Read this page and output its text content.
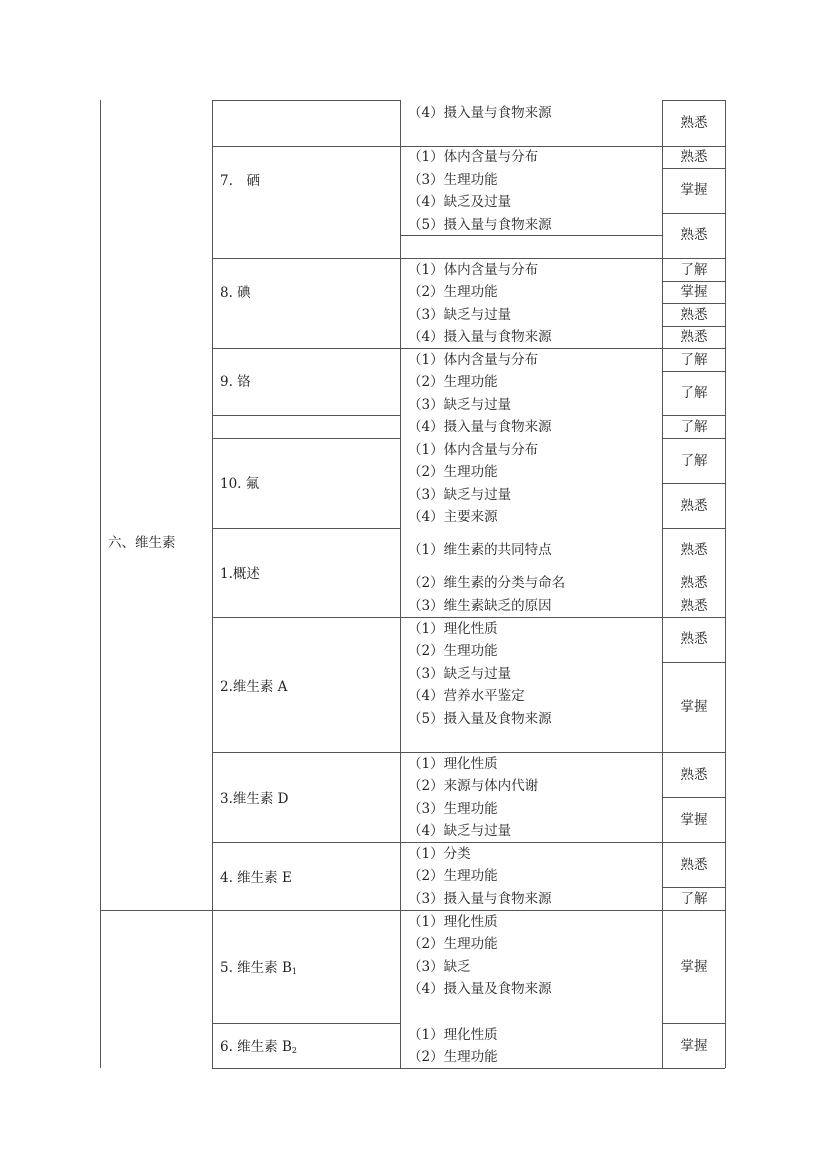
六、维生素
7.　硒
8. 碘
9. 铬
10. 氟
1.概述
2.维生素 A
3.维生素 D
4. 维生素 E
5. 维生素 $B_1$
6. 维生素 $B_2$
（4）摄入量与食物来源
（1）体内含量与分布
（3）生理功能
（4）缺乏及过量
（5）摄入量与食物来源
（1）体内含量与分布
（2）生理功能
（3）缺乏与过量
（4）摄入量与食物来源
（1）体内含量与分布
（2）生理功能
（3）缺乏与过量
（4）摄入量与食物来源
（1）体内含量与分布
（2）生理功能
（3）缺乏与过量
（4）主要来源
（1）维生素的共同特点
（2）维生素的分类与命名
（3）维生素缺乏的原因
（1）理化性质
（2）生理功能
（3）缺乏与过量
（4）营养水平鉴定
（5）摄入量及食物来源
（1）理化性质
（2）来源与体内代谢
（3）生理功能
（4）缺乏与过量
（1）分类
（2）生理功能
（3）摄入量与食物来源
（1）理化性质
（2）生理功能
（3）缺乏
（4）摄入量及食物来源
（1）理化性质
（2）生理功能
熟悉
熟悉
掌握
熟悉
了解
掌握
熟悉
熟悉
了解
了解
了解
了解
熟悉
熟悉
熟悉
熟悉
熟悉
掌握
熟悉
掌握
熟悉
了解
掌握
掌握
